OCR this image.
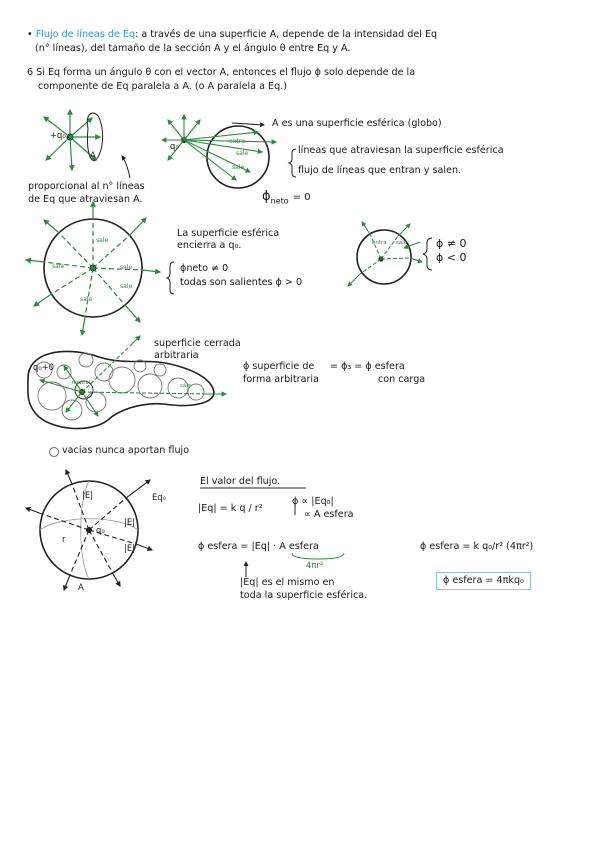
• Flujo de líneas de Eq: a través de una superficie A, depende de la intensidad del Eq
(n° líneas), del tamaño de la sección A y el ángulo θ entre Eq y A.
6 Si Eq forma un ángulo θ con el vector A, entonces el flujo ϕ solo depende de la
componente de Eq paralela a A. (o A paralela a Eq.)
+q₀
A
proporcional al n° líneas
de Eq que atraviesan A.
q₀	entra
sale
sale
A es una superficie esférica (globo)
líneas que atraviesan la superficie esférica
flujo de líneas que entran y salen.
$\phi_{neto} = 0$
sale
sale	sale
sale
sale
La superficie esférica
encierra a q₀.
ϕneto ≠ 0
todas son salientes ϕ > 0
entra sale	ϕ ≠ 0
ϕ < 0
q₀+0
superficie cerrada
arbitraria
ϕ superficie de
forma arbitraria
= ϕ₃ = ϕ esfera
con carga
neutral	sale
vacías nunca aportan flujo
q₀
|E|
|E|
|E|
Eq₀
r
A
El valor del flujo.
|Eq| = k q / r²
ϕ ∝ |Eq₀|
∝ A esfera
ϕ esfera = |Eq| · A esfera
4πr²
ϕ esfera = k q₀/r² (4πr²)
|Eq| es el mismo en
toda la superficie esférica.
ϕ esfera = 4πkq₀
